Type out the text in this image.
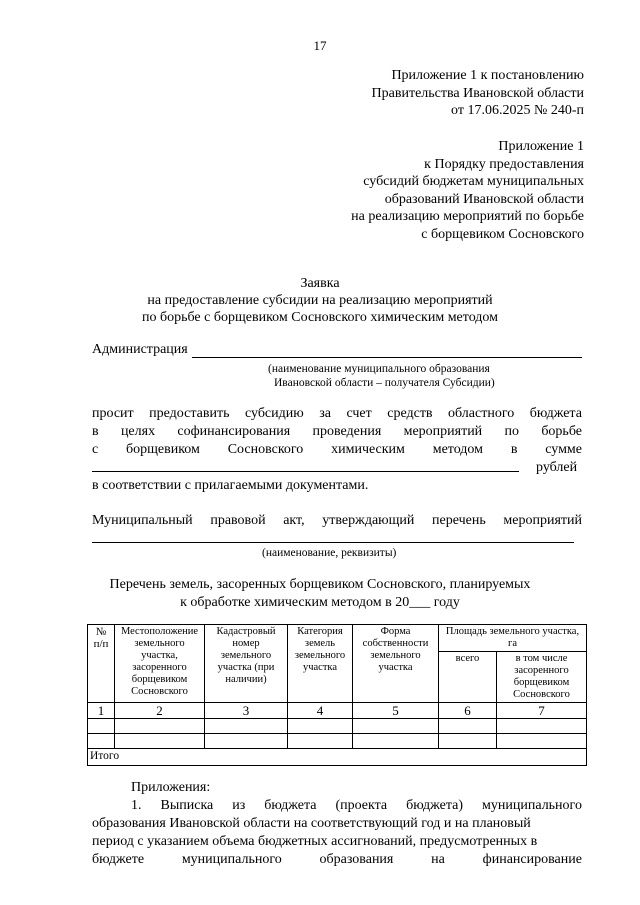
17
Приложение 1 к постановлению
Правительства Ивановской области
от 17.06.2025 № 240-п
Приложение 1
к Порядку предоставления
субсидий бюджетам муниципальных
образований Ивановской области
на реализацию мероприятий по борьбе
с борщевиком Сосновского
Заявка
на предоставление субсидии на реализацию мероприятий
по борьбе с борщевиком Сосновского химическим методом
Администрация
(наименование муниципального образования
Ивановской области – получателя Субсидии)
просит предоставить субсидию за счет средств областного бюджета
в целях софинансирования проведения мероприятий по борьбе
с борщевиком Сосновского химическим методом в сумме
рублей
в соответствии с прилагаемыми документами.
Муниципальный правовой акт, утверждающий перечень мероприятий
(наименование, реквизиты)
Перечень земель, засоренных борщевиком Сосновского, планируемых
к обработке химическим методом в 20___ году
№ п/п	Местоположение земельного участка, засоренного борщевиком Сосновского	Кадастровый номер земельного участка (при наличии)	Категория земель земельного участка	Форма собственности земельного участка	Площадь земельного участка, га	
					всего	в том числе засоренного борщевиком Сосновского
1	2	3	4	5	6	7

Итого						
Приложения:
1. Выписка из бюджета (проекта бюджета) муниципального
образования Ивановской области на соответствующий год и на плановый
период с указанием объема бюджетных ассигнований, предусмотренных в
бюджете	муниципального	образования	на	финансирование
